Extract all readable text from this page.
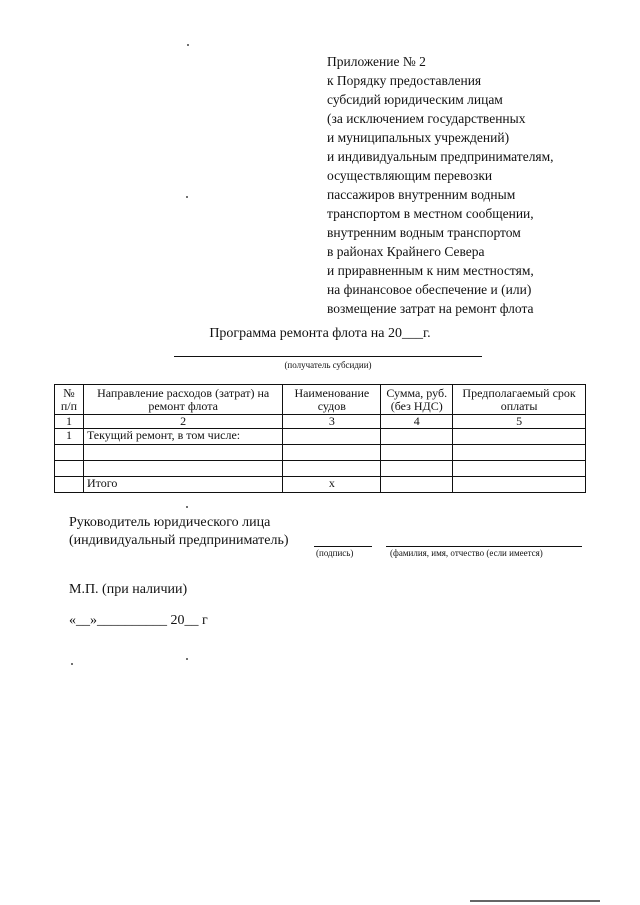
Приложение № 2
к Порядку предоставления
субсидий юридическим лицам
(за исключением государственных
и муниципальных учреждений)
и индивидуальным предпринимателям,
осуществляющим перевозки
пассажиров внутренним водным
транспортом в местном сообщении,
внутренним водным транспортом
в районах Крайнего Севера
и приравненным к ним местностям,
на финансовое обеспечение и (или)
возмещение затрат на ремонт флота
Программа ремонта флота на 20___г.
(получатель субсидии)
№ п/п	Направление расходов (затрат) на ремонт флота	Наименование судов	Сумма, руб. (без НДС)	Предполагаемый срок оплаты
1	2	3	4	5
1	Текущий ремонт, в том числе:			

	Итого	х		
Руководитель юридического лица
(индивидуальный предприниматель)
(подпись)	(фамилия, имя, отчество (если имеется)
М.П. (при наличии)
«__»__________ 20__ г
